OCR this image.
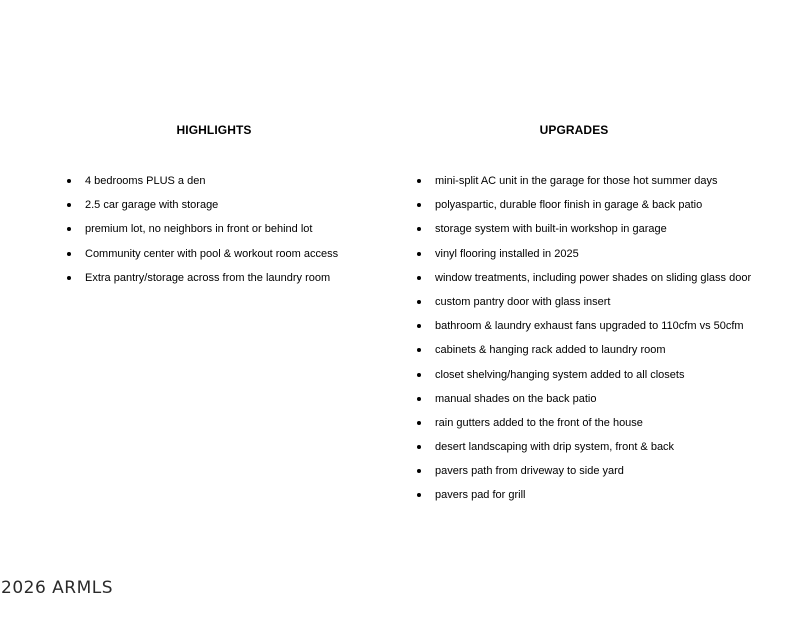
HIGHLIGHTS	UPGRADES
4 bedrooms PLUS a den
2.5 car garage with storage
premium lot, no neighbors in front or behind lot
Community center with pool & workout room access
Extra pantry/storage across from the laundry room
mini-split AC unit in the garage for those hot summer days
polyaspartic, durable floor finish in garage & back patio
storage system with built-in workshop in garage
vinyl flooring installed in 2025
window treatments, including power shades on sliding glass door
custom pantry door with glass insert
bathroom & laundry exhaust fans upgraded to 110cfm vs 50cfm
cabinets & hanging rack added to laundry room
closet shelving/hanging system added to all closets
manual shades on the back patio
rain gutters added to the front of the house
desert landscaping with drip system, front & back
pavers path from driveway to side yard
pavers pad for grill
2026 ARMLS
